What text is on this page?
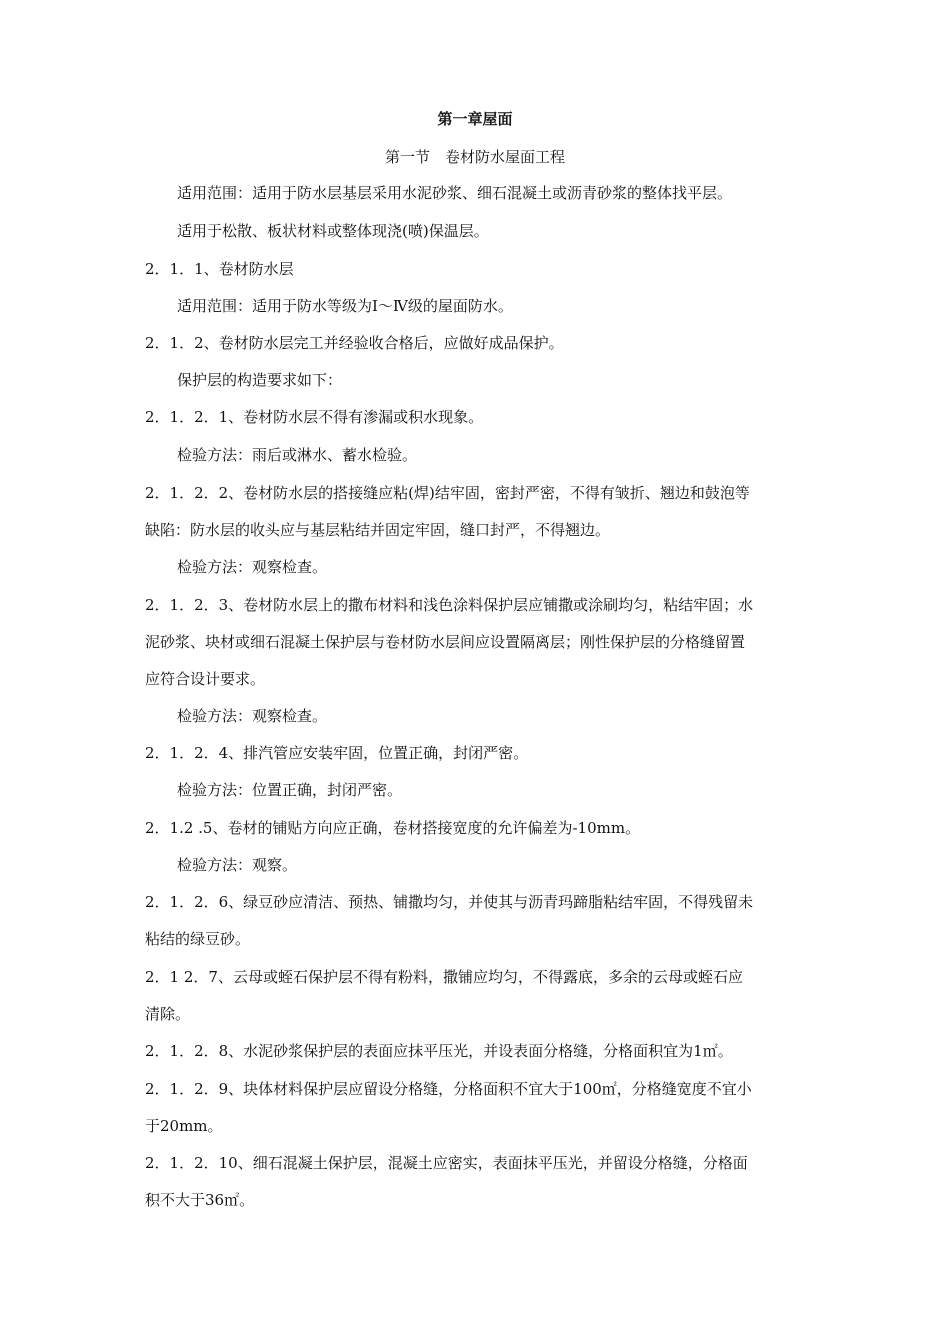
第一章屋面
第一节　卷材防水屋面工程
适用范围：适用于防水层基层采用水泥砂浆、细石混凝土或沥青砂浆的整体找平层。
适用于松散、板状材料或整体现浇(喷)保温层。
2．1．1、卷材防水层
适用范围：适用于防水等级为Ⅰ～Ⅳ级的屋面防水。
2．1．2、卷材防水层完工并经验收合格后，应做好成品保护。
保护层的构造要求如下：
2．1．2．1、卷材防水层不得有渗漏或积水现象。
检验方法：雨后或淋水、蓄水检验。
2．1．2．2、卷材防水层的搭接缝应粘(焊)结牢固，密封严密，不得有皱折、翘边和鼓泡等
缺陷：防水层的收头应与基层粘结并固定牢固，缝口封严，不得翘边。
检验方法：观察检查。
2．1．2．3、卷材防水层上的撒布材料和浅色涂料保护层应铺撒或涂刷均匀，粘结牢固；水
泥砂浆、块材或细石混凝土保护层与卷材防水层间应设置隔离层；刚性保护层的分格缝留置
应符合设计要求。
检验方法：观察检查。
2．1．2．4、排汽管应安装牢固，位置正确，封闭严密。
检验方法：位置正确，封闭严密。
2．1.2 .5、卷材的铺贴方向应正确，卷材搭接宽度的允许偏差为-10mm。
检验方法：观察。
2．1．2．6、绿豆砂应清洁、预热、铺撒均匀，并使其与沥青玛蹄脂粘结牢固，不得残留未
粘结的绿豆砂。
2．1 2．7、云母或蛭石保护层不得有粉料，撒铺应均匀，不得露底，多余的云母或蛭石应
清除。
2．1．2．8、水泥砂浆保护层的表面应抹平压光，并设表面分格缝，分格面积宜为1㎡。
2．1．2．9、块体材料保护层应留设分格缝，分格面积不宜大于100㎡，分格缝宽度不宜小
于20mm。
2．1．2．10、细石混凝土保护层，混凝土应密实，表面抹平压光，并留设分格缝，分格面
积不大于36㎡。
